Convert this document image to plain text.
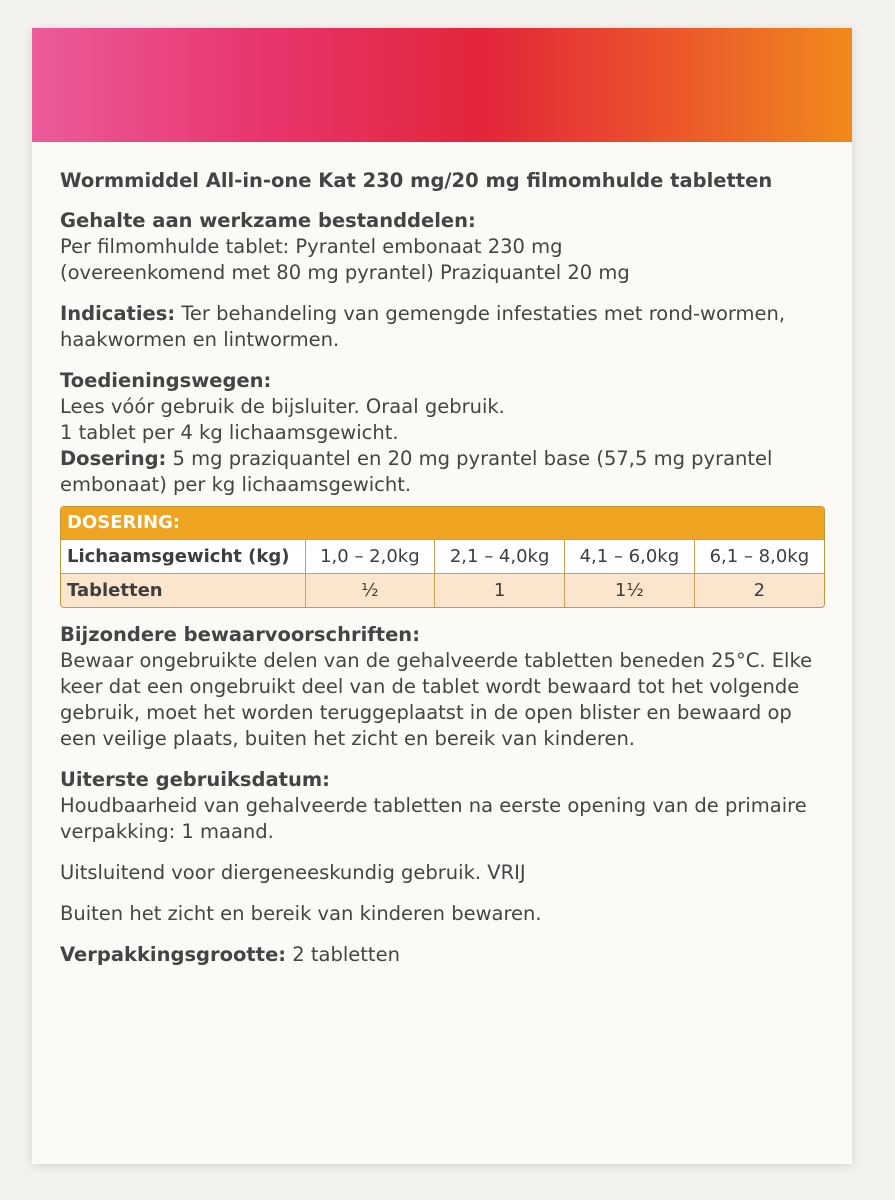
Wormmiddel All-in-one Kat 230 mg/20 mg filmomhulde tabletten
Gehalte aan werkzame bestanddelen:
Per filmomhulde tablet: Pyrantel embonaat 230 mg
(overeenkomend met 80 mg pyrantel) Praziquantel 20 mg
Indicaties: Ter behandeling van gemengde infestaties met rond-wormen, haakwormen en lintwormen.
Toedieningswegen:
Lees vóór gebruik de bijsluiter. Oraal gebruik.
1 tablet per 4 kg lichaamsgewicht.
Dosering: 5 mg praziquantel en 20 mg pyrantel base (57,5 mg pyrantel embonaat) per kg lichaamsgewicht.
DOSERING:
Lichaamsgewicht (kg)	1,0 – 2,0kg	2,1 – 4,0kg	4,1 – 6,0kg	6,1 – 8,0kg
Tabletten	½	1	1½	2
Bijzondere bewaarvoorschriften:
Bewaar ongebruikte delen van de gehalveerde tabletten beneden 25°C. Elke keer dat een ongebruikt deel van de tablet wordt bewaard tot het volgende gebruik, moet het worden teruggeplaatst in de open blister en bewaard op een veilige plaats, buiten het zicht en bereik van kinderen.
Uiterste gebruiksdatum:
Houdbaarheid van gehalveerde tabletten na eerste opening van de primaire verpakking: 1 maand.
Uitsluitend voor diergeneeskundig gebruik. VRIJ
Buiten het zicht en bereik van kinderen bewaren.
Verpakkingsgrootte: 2 tabletten
